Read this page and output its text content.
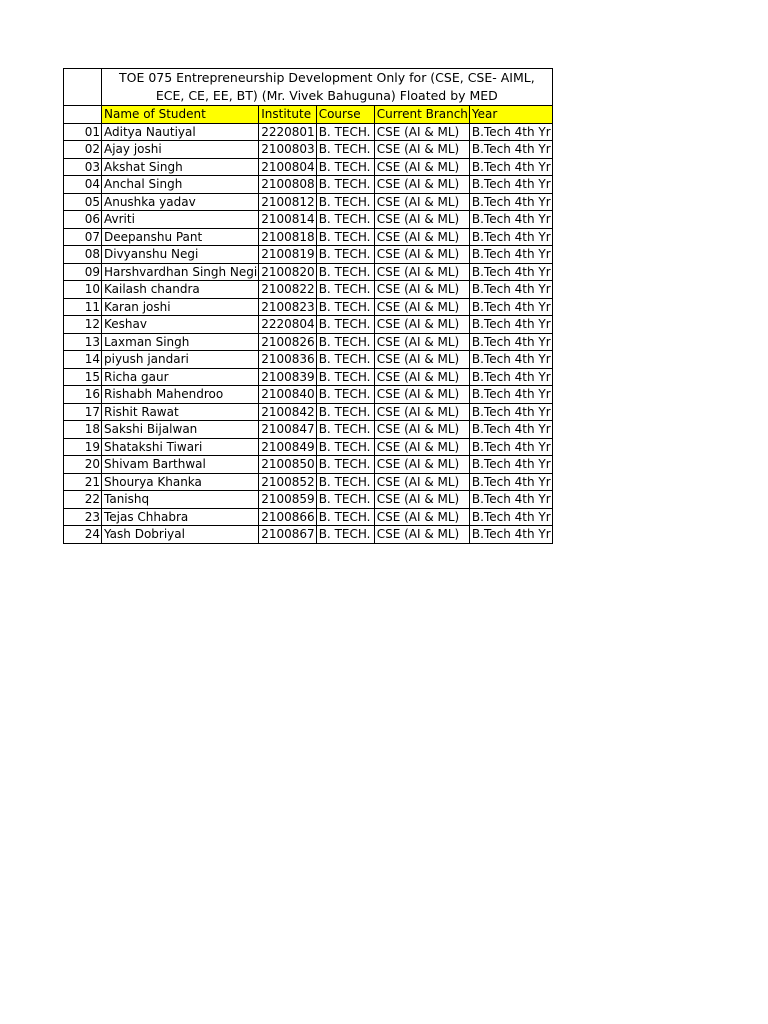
	TOE 075 Entrepreneurship Development Only for (CSE, CSE- AIML,
ECE, CE, EE, BT) (Mr. Vivek Bahuguna) Floated by MED				

	Name of Student	Institute	Course	Current Branch	Year
01	Aditya Nautiyal	2220801	B. TECH.	CSE (AI & ML)	B.Tech 4th Yr
02	Ajay joshi	2100803	B. TECH.	CSE (AI & ML)	B.Tech 4th Yr
03	Akshat Singh	2100804	B. TECH.	CSE (AI & ML)	B.Tech 4th Yr
04	Anchal Singh	2100808	B. TECH.	CSE (AI & ML)	B.Tech 4th Yr
05	Anushka yadav	2100812	B. TECH.	CSE (AI & ML)	B.Tech 4th Yr
06	Avriti	2100814	B. TECH.	CSE (AI & ML)	B.Tech 4th Yr
07	Deepanshu Pant	2100818	B. TECH.	CSE (AI & ML)	B.Tech 4th Yr
08	Divyanshu Negi	2100819	B. TECH.	CSE (AI & ML)	B.Tech 4th Yr
09	Harshvardhan Singh Negi	2100820	B. TECH.	CSE (AI & ML)	B.Tech 4th Yr
10	Kailash chandra	2100822	B. TECH.	CSE (AI & ML)	B.Tech 4th Yr
11	Karan joshi	2100823	B. TECH.	CSE (AI & ML)	B.Tech 4th Yr
12	Keshav	2220804	B. TECH.	CSE (AI & ML)	B.Tech 4th Yr
13	Laxman Singh	2100826	B. TECH.	CSE (AI & ML)	B.Tech 4th Yr
14	piyush jandari	2100836	B. TECH.	CSE (AI & ML)	B.Tech 4th Yr
15	Richa gaur	2100839	B. TECH.	CSE (AI & ML)	B.Tech 4th Yr
16	Rishabh Mahendroo	2100840	B. TECH.	CSE (AI & ML)	B.Tech 4th Yr
17	Rishit Rawat	2100842	B. TECH.	CSE (AI & ML)	B.Tech 4th Yr
18	Sakshi Bijalwan	2100847	B. TECH.	CSE (AI & ML)	B.Tech 4th Yr
19	Shatakshi Tiwari	2100849	B. TECH.	CSE (AI & ML)	B.Tech 4th Yr
20	Shivam Barthwal	2100850	B. TECH.	CSE (AI & ML)	B.Tech 4th Yr
21	Shourya Khanka	2100852	B. TECH.	CSE (AI & ML)	B.Tech 4th Yr
22	Tanishq	2100859	B. TECH.	CSE (AI & ML)	B.Tech 4th Yr
23	Tejas Chhabra	2100866	B. TECH.	CSE (AI & ML)	B.Tech 4th Yr
24	Yash Dobriyal	2100867	B. TECH.	CSE (AI & ML)	B.Tech 4th Yr
